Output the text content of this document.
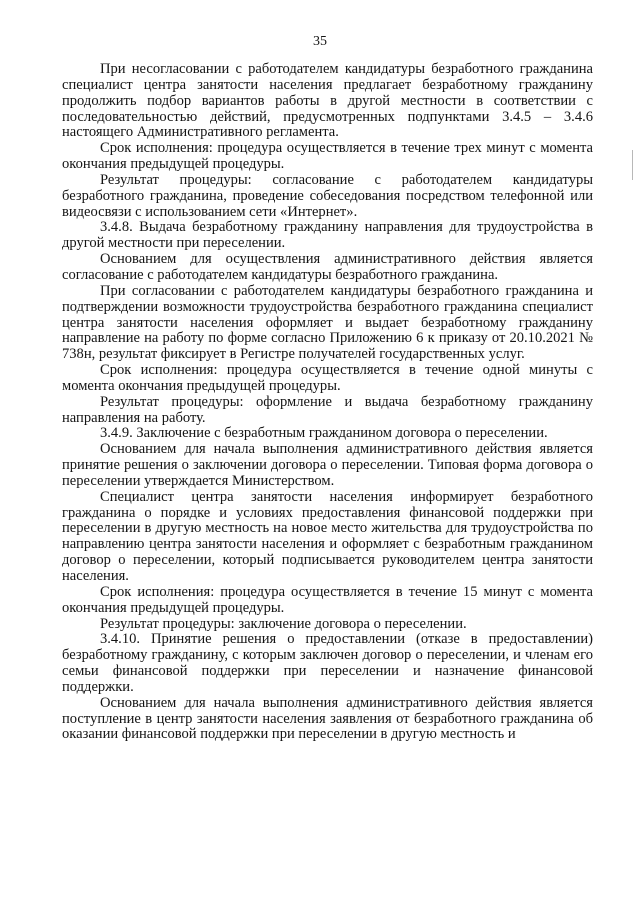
35

При несогласовании с работодателем кандидатуры безработного гражданина специалист центра занятости населения предлагает безработному гражданину продолжить подбор вариантов работы в другой местности в соответствии с последовательностью действий, предусмотренных подпунктами 3.4.5 – 3.4.6 настоящего Административного регламента.

Срок исполнения: процедура осуществляется в течение трех минут с момента окончания предыдущей процедуры.

Результат процедуры: согласование с работодателем кандидатуры безработного гражданина, проведение собеседования посредством телефонной или видеосвязи с использованием сети «Интернет».

3.4.8. Выдача безработному гражданину направления для трудоустройства в другой местности при переселении.

Основанием для осуществления административного действия является согласование с работодателем кандидатуры безработного гражданина.

При согласовании с работодателем кандидатуры безработного гражданина и подтверждении возможности трудоустройства безработного гражданина специалист центра занятости населения оформляет и выдает безработному гражданину направление на работу по форме согласно Приложению 6 к приказу от 20.10.2021 № 738н, результат фиксирует в Регистре получателей государственных услуг.

Срок исполнения: процедура осуществляется в течение одной минуты с момента окончания предыдущей процедуры.

Результат процедуры: оформление и выдача безработному гражданину направления на работу.

3.4.9. Заключение с безработным гражданином договора о переселении.

Основанием для начала выполнения административного действия является принятие решения о заключении договора о переселении. Типовая форма договора о переселении утверждается Министерством.

Специалист центра занятости населения информирует безработного гражданина о порядке и условиях предоставления финансовой поддержки при переселении в другую местность на новое место жительства для трудоустройства по направлению центра занятости населения и оформляет с безработным гражданином договор о переселении, который подписывается руководителем центра занятости населения.

Срок исполнения: процедура осуществляется в течение 15 минут с момента окончания предыдущей процедуры.

Результат процедуры: заключение договора о переселении.

3.4.10. Принятие решения о предоставлении (отказе в предоставлении) безработному гражданину, с которым заключен договор о переселении, и членам его семьи финансовой поддержки при переселении и назначение финансовой поддержки.

Основанием для начала выполнения административного действия является поступление в центр занятости населения заявления от безработного гражданина об оказании финансовой поддержки при переселении в другую местность и
